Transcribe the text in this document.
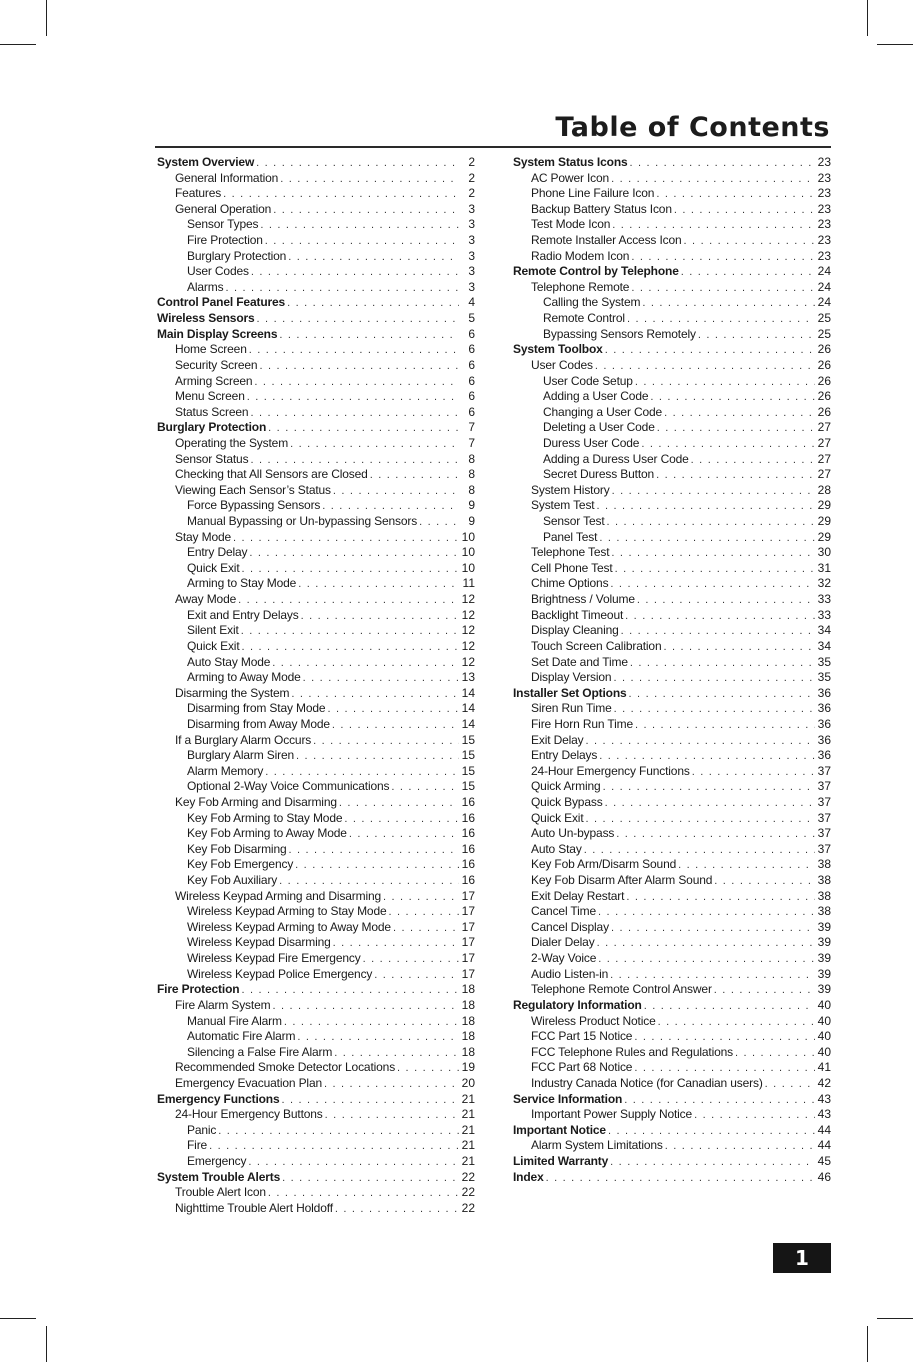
Table of Contents
System Overview . . .	2
General Information . . .	2
Features . . .	2
General Operation . . .	3
Sensor Types . . .	3
Fire Protection . . .	3
Burglary Protection . . .	3
User Codes . . .	3
Alarms . . .	3
Control Panel Features . . .	4
Wireless Sensors . . .	5
Main Display Screens . . .	6
Home Screen . . .	6
Security Screen . . .	6
Arming Screen . . .	6
Menu Screen . . .	6
Status Screen . . .	6
Burglary Protection . . .	7
Operating the System . . .	7
Sensor Status . . .	8
Checking that All Sensors are Closed . . .	8
Viewing Each Sensor’s Status . . .	8
Force Bypassing Sensors . . .	9
Manual Bypassing or Un-bypassing Sensors . . .	9
Stay Mode . . .	10
Entry Delay . . .	10
Quick Exit . . .	10
Arming to Stay Mode . . .	11
Away Mode . . .	12
Exit and Entry Delays . . .	12
Silent Exit . . .	12
Quick Exit . . .	12
Auto Stay Mode . . .	12
Arming to Away Mode . . .	13
Disarming the System . . .	14
Disarming from Stay Mode . . .	14
Disarming from Away Mode . . .	14
If a Burglary Alarm Occurs . . .	15
Burglary Alarm Siren . . .	15
Alarm Memory . . .	15
Optional 2-Way Voice Communications . . .	15
Key Fob Arming and Disarming . . .	16
Key Fob Arming to Stay Mode . . .	16
Key Fob Arming to Away Mode . . .	16
Key Fob Disarming . . .	16
Key Fob Emergency . . .	16
Key Fob Auxiliary . . .	16
Wireless Keypad Arming and Disarming . . .	17
Wireless Keypad Arming to Stay Mode . . .	17
Wireless Keypad Arming to Away Mode . . .	17
Wireless Keypad Disarming . . .	17
Wireless Keypad Fire Emergency . . .	17
Wireless Keypad Police Emergency . . .	17
Fire Protection . . .	18
Fire Alarm System . . .	18
Manual Fire Alarm . . .	18
Automatic Fire Alarm . . .	18
Silencing a False Fire Alarm . . .	18
Recommended Smoke Detector Locations . . .	19
Emergency Evacuation Plan . . .	20
Emergency Functions . . .	21
24-Hour Emergency Buttons . . .	21
Panic . . .	21
Fire . . .	21
Emergency . . .	21
System Trouble Alerts . . .	22
Trouble Alert Icon . . .	22
Nighttime Trouble Alert Holdoff . . .	22
System Status Icons . . .	23
AC Power Icon . . .	23
Phone Line Failure Icon . . .	23
Backup Battery Status Icon . . .	23
Test Mode Icon . . .	23
Remote Installer Access Icon . . .	23
Radio Modem Icon . . .	23
Remote Control by Telephone . . .	24
Telephone Remote . . .	24
Calling the System . . .	24
Remote Control . . .	25
Bypassing Sensors Remotely . . .	25
System Toolbox . . .	26
User Codes . . .	26
User Code Setup . . .	26
Adding a User Code . . .	26
Changing a User Code . . .	26
Deleting a User Code . . .	27
Duress User Code . . .	27
Adding a Duress User Code . . .	27
Secret Duress Button . . .	27
System History . . .	28
System Test . . .	29
Sensor Test . . .	29
Panel Test . . .	29
Telephone Test . . .	30
Cell Phone Test . . .	31
Chime Options . . .	32
Brightness / Volume . . .	33
Backlight Timeout . . .	33
Display Cleaning . . .	34
Touch Screen Calibration . . .	34
Set Date and Time . . .	35
Display Version . . .	35
Installer Set Options . . .	36
Siren Run Time . . .	36
Fire Horn Run Time . . .	36
Exit Delay . . .	36
Entry Delays . . .	36
24-Hour Emergency Functions . . .	37
Quick Arming . . .	37
Quick Bypass . . .	37
Quick Exit . . .	37
Auto Un-bypass . . .	37
Auto Stay . . .	37
Key Fob Arm/Disarm Sound . . .	38
Key Fob Disarm After Alarm Sound . . .	38
Exit Delay Restart . . .	38
Cancel Time . . .	38
Cancel Display . . .	39
Dialer Delay . . .	39
2-Way Voice . . .	39
Audio Listen-in . . .	39
Telephone Remote Control Answer . . .	39
Regulatory Information . . .	40
Wireless Product Notice . . .	40
FCC Part 15 Notice . . .	40
FCC Telephone Rules and Regulations . . .	40
FCC Part 68 Notice . . .	41
Industry Canada Notice (for Canadian users) . . .	42
Service Information . . .	43
Important Power Supply Notice . . .	43
Important Notice . . .	44
Alarm System Limitations . . .	44
Limited Warranty . . .	45
Index . . .	46
1
